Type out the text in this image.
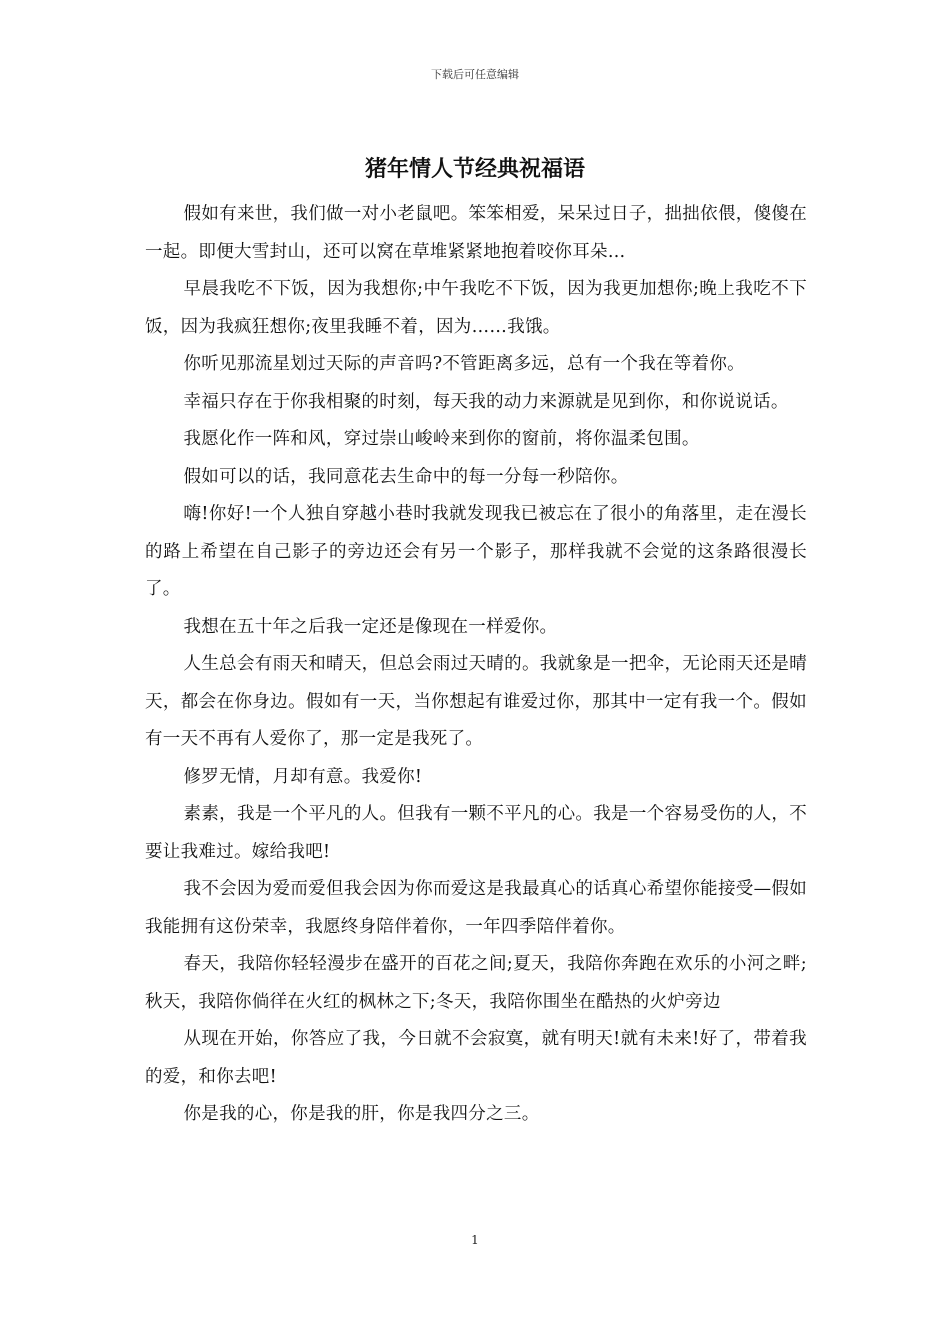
下载后可任意编辑
猪年情人节经典祝福语

假如有来世，我们做一对小老鼠吧。笨笨相爱，呆呆过日子，拙拙依偎，傻傻在一起。即便大雪封山，还可以窝在草堆紧紧地抱着咬你耳朵…

早晨我吃不下饭，因为我想你;中午我吃不下饭，因为我更加想你;晚上我吃不下饭，因为我疯狂想你;夜里我睡不着，因为……我饿。

你听见那流星划过天际的声音吗?不管距离多远，总有一个我在等着你。

幸福只存在于你我相聚的时刻，每天我的动力来源就是见到你，和你说说话。

我愿化作一阵和风，穿过崇山峻岭来到你的窗前，将你温柔包围。

假如可以的话，我同意花去生命中的每一分每一秒陪你。

嗨!你好!一个人独自穿越小巷时我就发现我已被忘在了很小的角落里，走在漫长的路上希望在自己影子的旁边还会有另一个影子，那样我就不会觉的这条路很漫长了。

我想在五十年之后我一定还是像现在一样爱你。

人生总会有雨天和晴天，但总会雨过天晴的。我就象是一把伞，无论雨天还是晴天，都会在你身边。假如有一天，当你想起有谁爱过你，那其中一定有我一个。假如有一天不再有人爱你了，那一定是我死了。

修罗无情，月却有意。我爱你!

素素，我是一个平凡的人。但我有一颗不平凡的心。我是一个容易受伤的人，不要让我难过。嫁给我吧!

我不会因为爱而爱但我会因为你而爱这是我最真心的话真心希望你能接受—假如我能拥有这份荣幸，我愿终身陪伴着你，一年四季陪伴着你。

春天，我陪你轻轻漫步在盛开的百花之间;夏天，我陪你奔跑在欢乐的小河之畔;秋天，我陪你倘徉在火红的枫林之下;冬天，我陪你围坐在酷热的火炉旁边

从现在开始，你答应了我，今日就不会寂寞，就有明天!就有未来!好了，带着我的爱，和你去吧!

你是我的心，你是我的肝，你是我四分之三。

1
